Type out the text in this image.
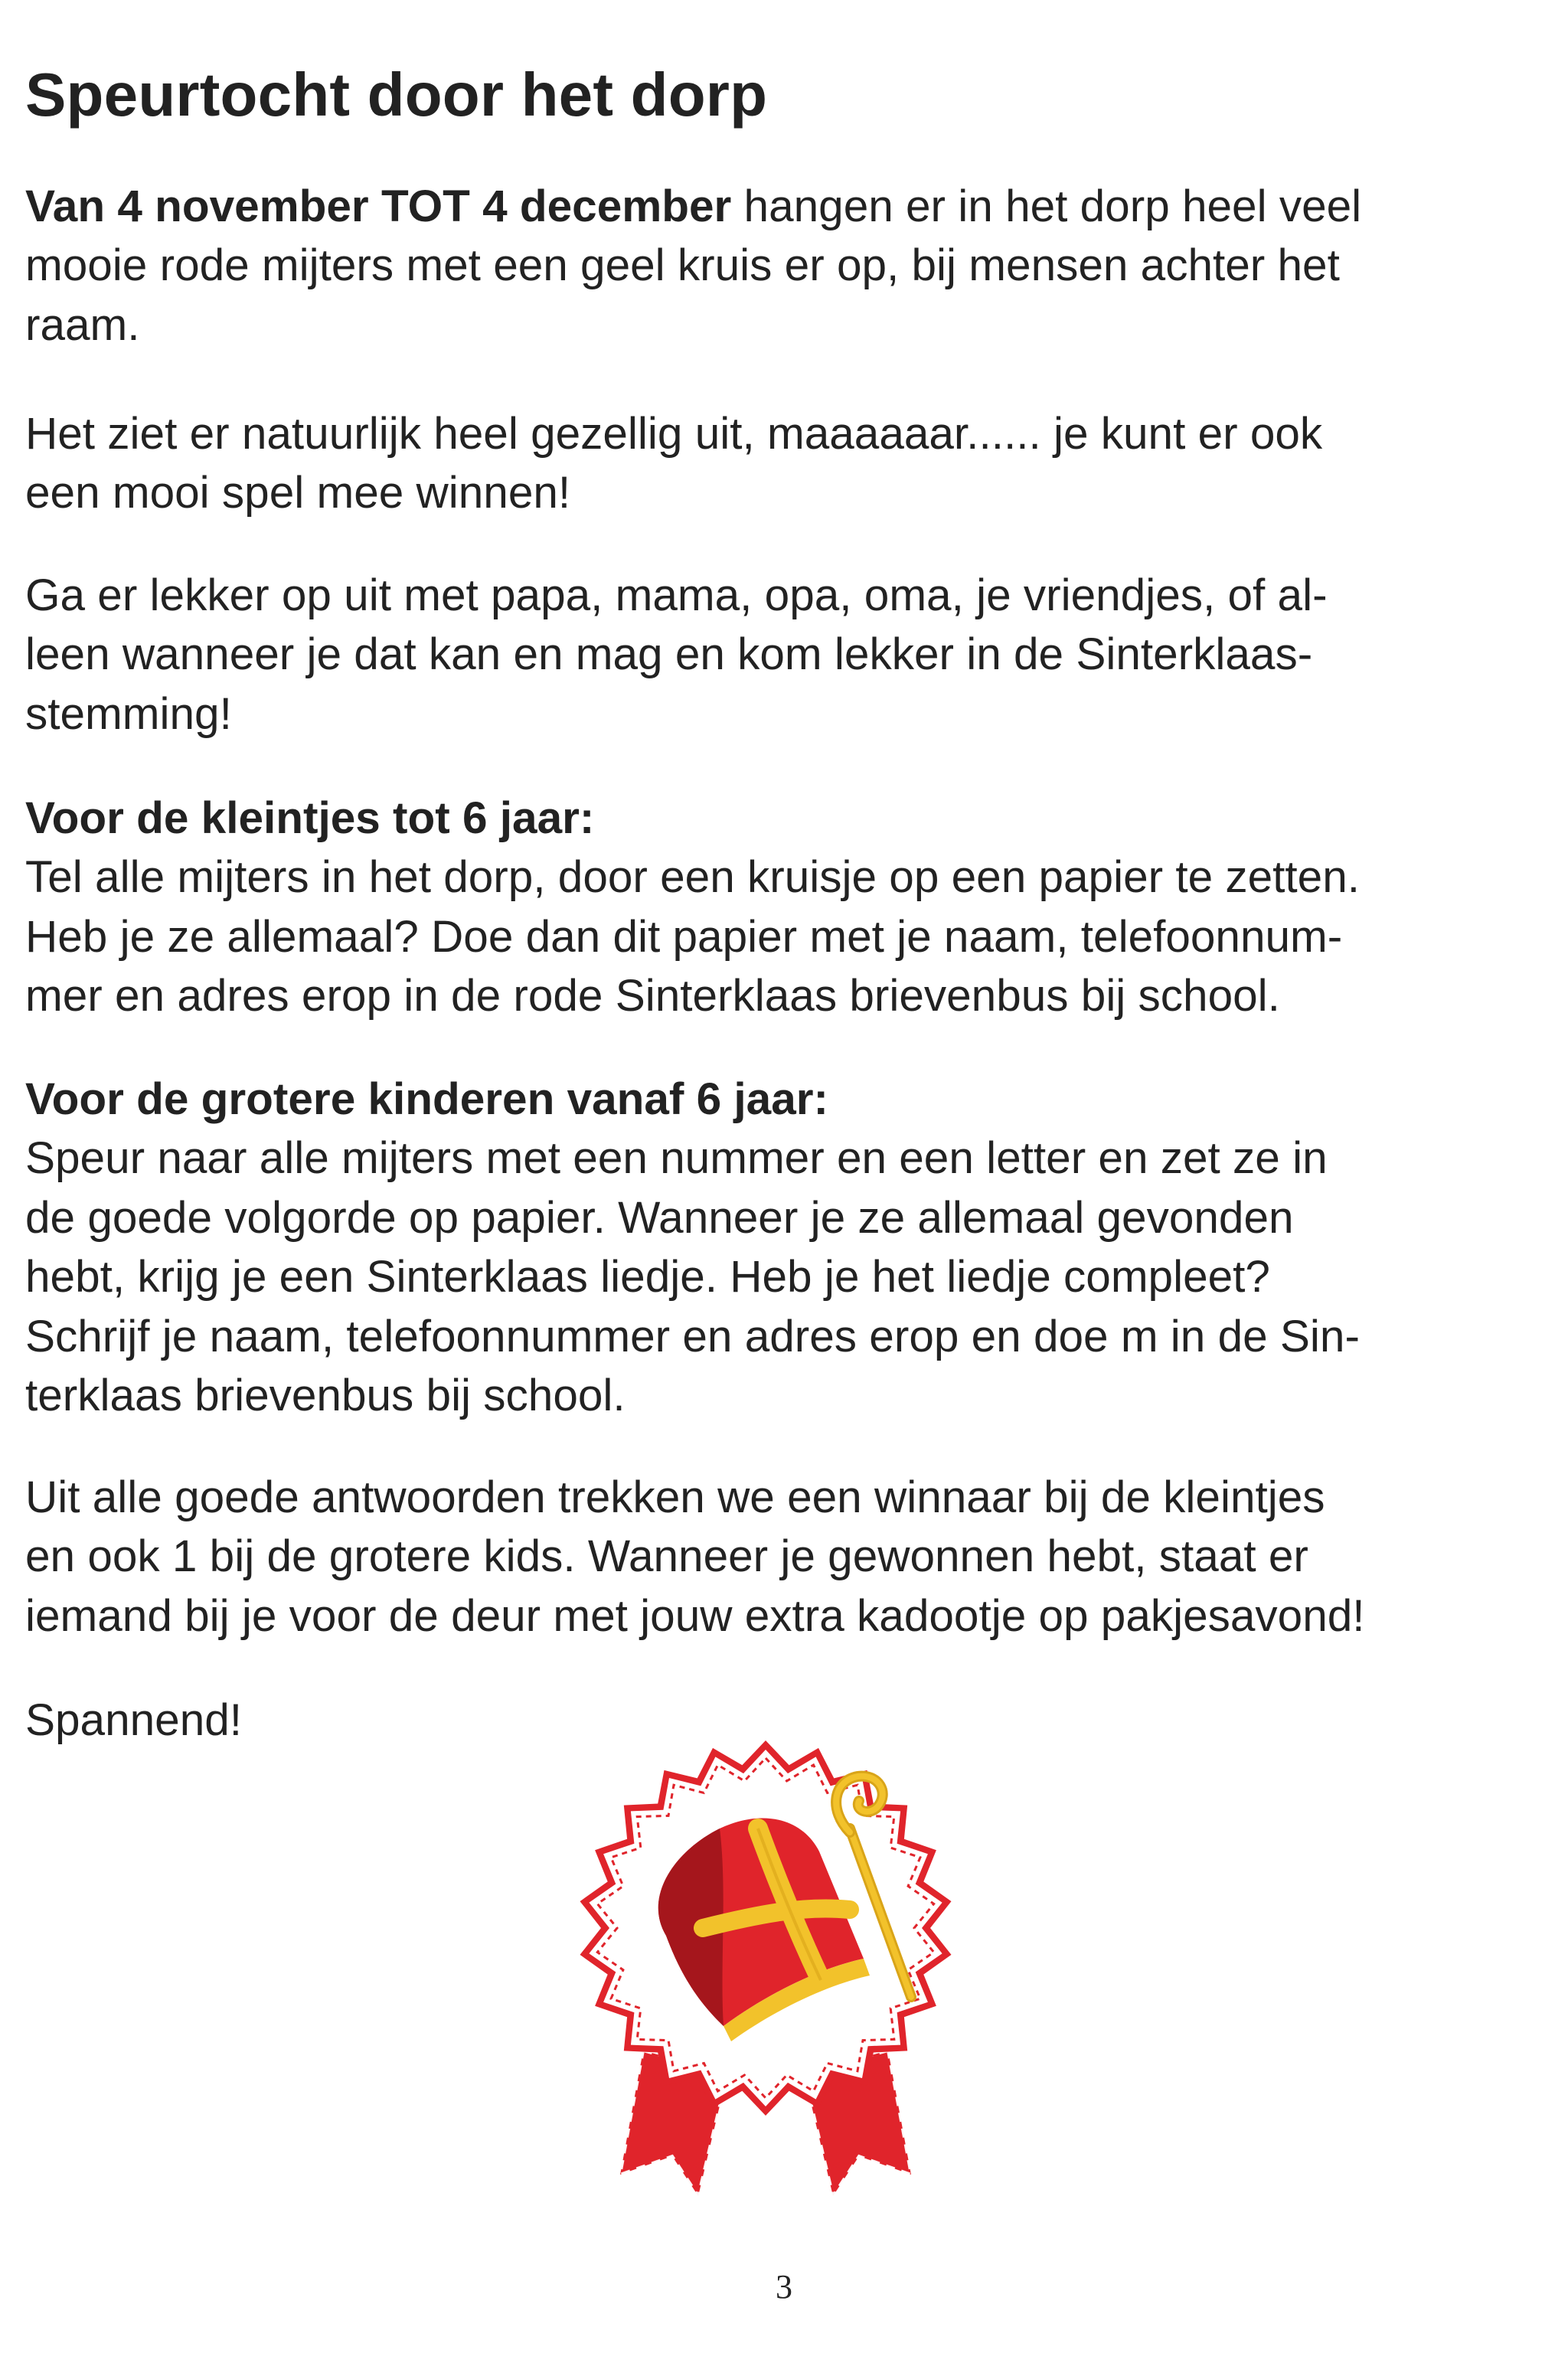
Speurtocht door het dorp

Van 4 november TOT 4 december hangen er in het dorp heel veel
mooie rode mijters met een geel kruis er op, bij mensen achter het
raam.

Het ziet er natuurlijk heel gezellig uit, maaaaaar...... je kunt er ook
een mooi spel mee winnen!

Ga er lekker op uit met papa, mama, opa, oma, je vriendjes, of al-
leen wanneer je dat kan en mag en kom lekker in de Sinterklaas-
stemming!

Voor de kleintjes tot 6 jaar:
Tel alle mijters in het dorp, door een kruisje op een papier te zetten.
Heb je ze allemaal? Doe dan dit papier met je naam, telefoonnum-
mer en adres erop in de rode Sinterklaas brievenbus bij school.

Voor de grotere kinderen vanaf 6 jaar:
Speur naar alle mijters met een nummer en een letter en zet ze in
de goede volgorde op papier. Wanneer je ze allemaal gevonden
hebt, krijg je een Sinterklaas liedje. Heb je het liedje compleet?
Schrijf je naam, telefoonnummer en adres erop en doe m in de Sin-
terklaas brievenbus bij school.

Uit alle goede antwoorden trekken we een winnaar bij de kleintjes
en ook 1 bij de grotere kids. Wanneer je gewonnen hebt, staat er
iemand bij je voor de deur met jouw extra kadootje op pakjesavond!

Spannend!

3
